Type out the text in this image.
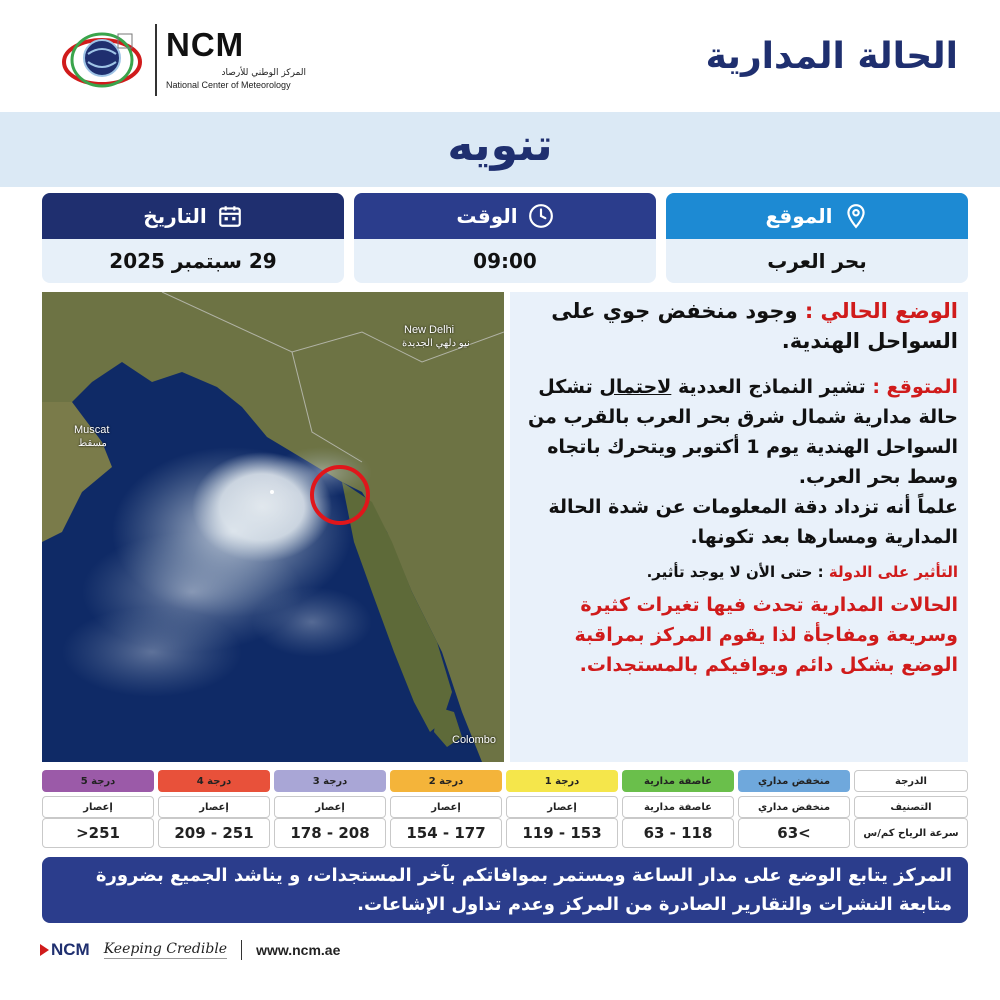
NCM
المركز الوطني للأرصاد
National Center of Meteorology
الحالة المدارية
تنويه
الموقع
بحر العرب
الوقت
09:00
التاريخ
29 سبتمبر 2025
New Delhi
نيو دلهي الجديدة
Muscat
مسقط
Colombo
الوضع الحالي : وجود منخفض جوي على السواحل الهندية.
المتوقع : تشير النماذج العددية لاحتمال تشكل حالة مدارية شمال شرق بحر العرب بالقرب من السواحل الهندية يوم 1 أكتوبر ويتحرك باتجاه وسط بحر العرب.
علماً أنه تزداد دقة المعلومات عن شدة الحالة المدارية ومسارها بعد تكونها.
التأثير على الدولة : حتى الأن لا يوجد تأثير.
الحالات المدارية تحدث فيها تغيرات كثيرة وسريعة ومفاجأة لذا يقوم المركز بمراقبة الوضع بشكل دائم ويوافيكم بالمستجدات.
الدرجة
منخفض مداري
عاصفة مدارية
درجة 1
درجة 2
درجة 3
درجة 4
درجة 5
التصنيف
منخفض مداري
عاصفة مدارية
إعصار
إعصار
إعصار
إعصار
إعصار
سرعة الرياح كم/س
>63
118 - 63
153 - 119
177 - 154
208 - 178
251 - 209
251<
المركز يتابع الوضع على مدار الساعة ومستمر بموافاتكم بآخر المستجدات، و يناشد الجميع بضرورة متابعة النشرات والتقارير الصادرة من المركز وعدم تداول الإشاعات.
NCM Keeping Credible www.ncm.ae
